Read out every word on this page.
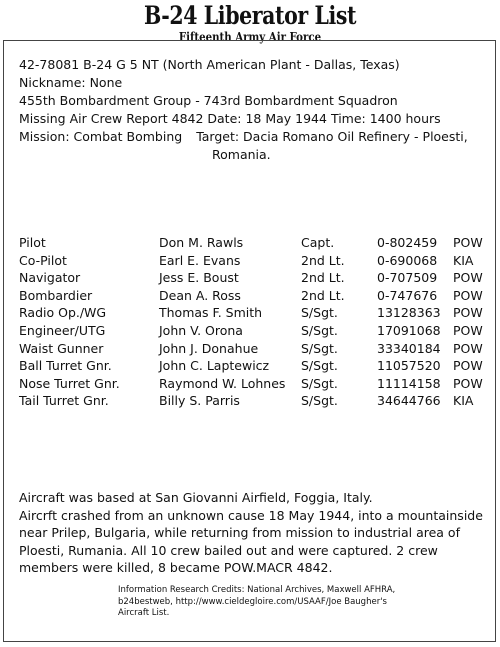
B-24 Liberator List
Fifteenth Army Air Force
42-78081 B-24 G 5 NT (North American Plant - Dallas, Texas)
Nickname: None
455th Bombardment Group - 743rd Bombardment Squadron
Missing Air Crew Report 4842 Date: 18 May 1944 Time: 1400 hours
Mission: Combat Bombing Target: Dacia Romano Oil Refinery - Ploesti,
Romania.
Pilot	Don M. Rawls	Capt.	0-802459	POW
Co-Pilot	Earl E. Evans	2nd Lt.	0-690068	KIA
Navigator	Jess E. Boust	2nd Lt.	0-707509	POW
Bombardier	Dean A. Ross	2nd Lt.	0-747676	POW
Radio Op./WG	Thomas F. Smith	S/Sgt.	13128363 POW
Engineer/UTG	John V. Orona	S/Sgt.	17091068 POW
Waist Gunner	John J. Donahue	S/Sgt.	33340184 POW
Ball Turret Gnr.	John C. Laptewicz	S/Sgt.	11057520 POW
Nose Turret Gnr.	Raymond W. Lohnes	S/Sgt.	11114158 POW
Tail Turret Gnr.	Billy S. Parris	S/Sgt.	34644766 KIA
Aircraft was based at San Giovanni Airfield, Foggia, Italy.
Aircrft crashed from an unknown cause 18 May 1944, into a mountainside
near Prilep, Bulgaria, while returning from mission to industrial area of
Ploesti, Rumania. All 10 crew bailed out and were captured. 2 crew
members were killed, 8 became POW.MACR 4842.
Information Research Credits: National Archives, Maxwell AFHRA,
b24bestweb, http://www.cieldegloire.com/USAAF/Joe Baugher's
Aircraft List.
